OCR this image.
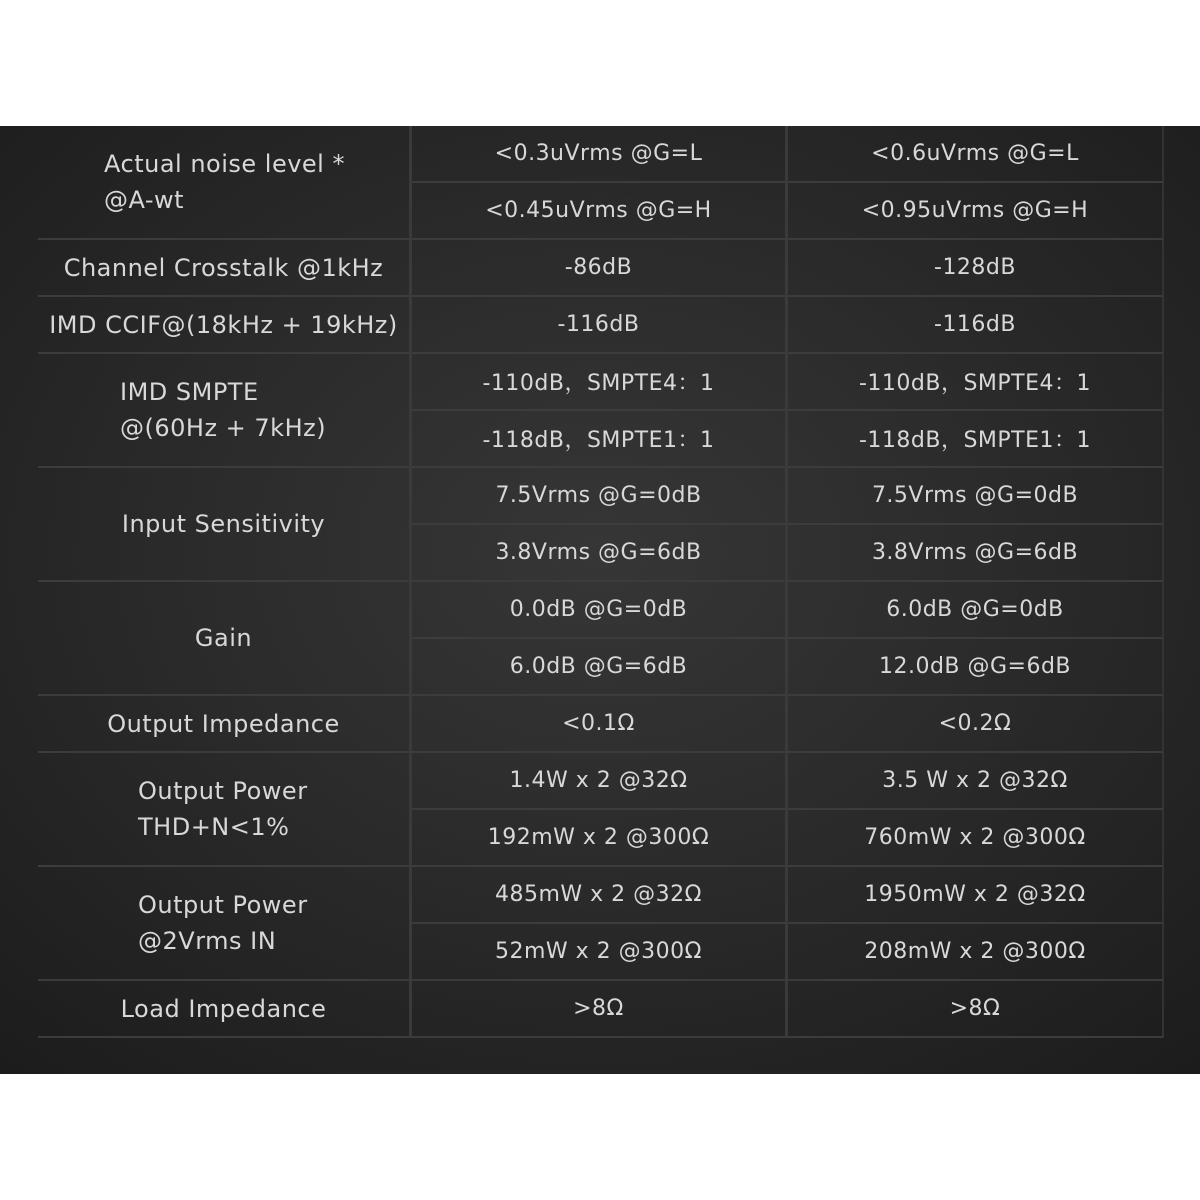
Actual noise level *
@A-wt
<0.3uVrms @G=L	<0.6uVrms @G=L
<0.45uVrms @G=H	<0.95uVrms @G=H
Channel Crosstalk @1kHz	-86dB	-128dB
IMD CCIF@(18kHz + 19kHz)	-116dB	-116dB
IMD SMPTE
@(60Hz + 7kHz)
-110dB，SMPTE4：1	-110dB，SMPTE4：1
-118dB，SMPTE1：1	-118dB，SMPTE1：1
Input Sensitivity
7.5Vrms @G=0dB	7.5Vrms @G=0dB
3.8Vrms @G=6dB	3.8Vrms @G=6dB
Gain
0.0dB @G=0dB	6.0dB @G=0dB
6.0dB @G=6dB	12.0dB @G=6dB
Output Impedance	<0.1Ω	<0.2Ω
Output Power
THD+N<1%
1.4W x 2 @32Ω	3.5 W x 2 @32Ω
192mW x 2 @300Ω	760mW x 2 @300Ω
Output Power
@2Vrms IN
485mW x 2 @32Ω	1950mW x 2 @32Ω
52mW x 2 @300Ω	208mW x 2 @300Ω
Load Impedance	>8Ω	>8Ω
